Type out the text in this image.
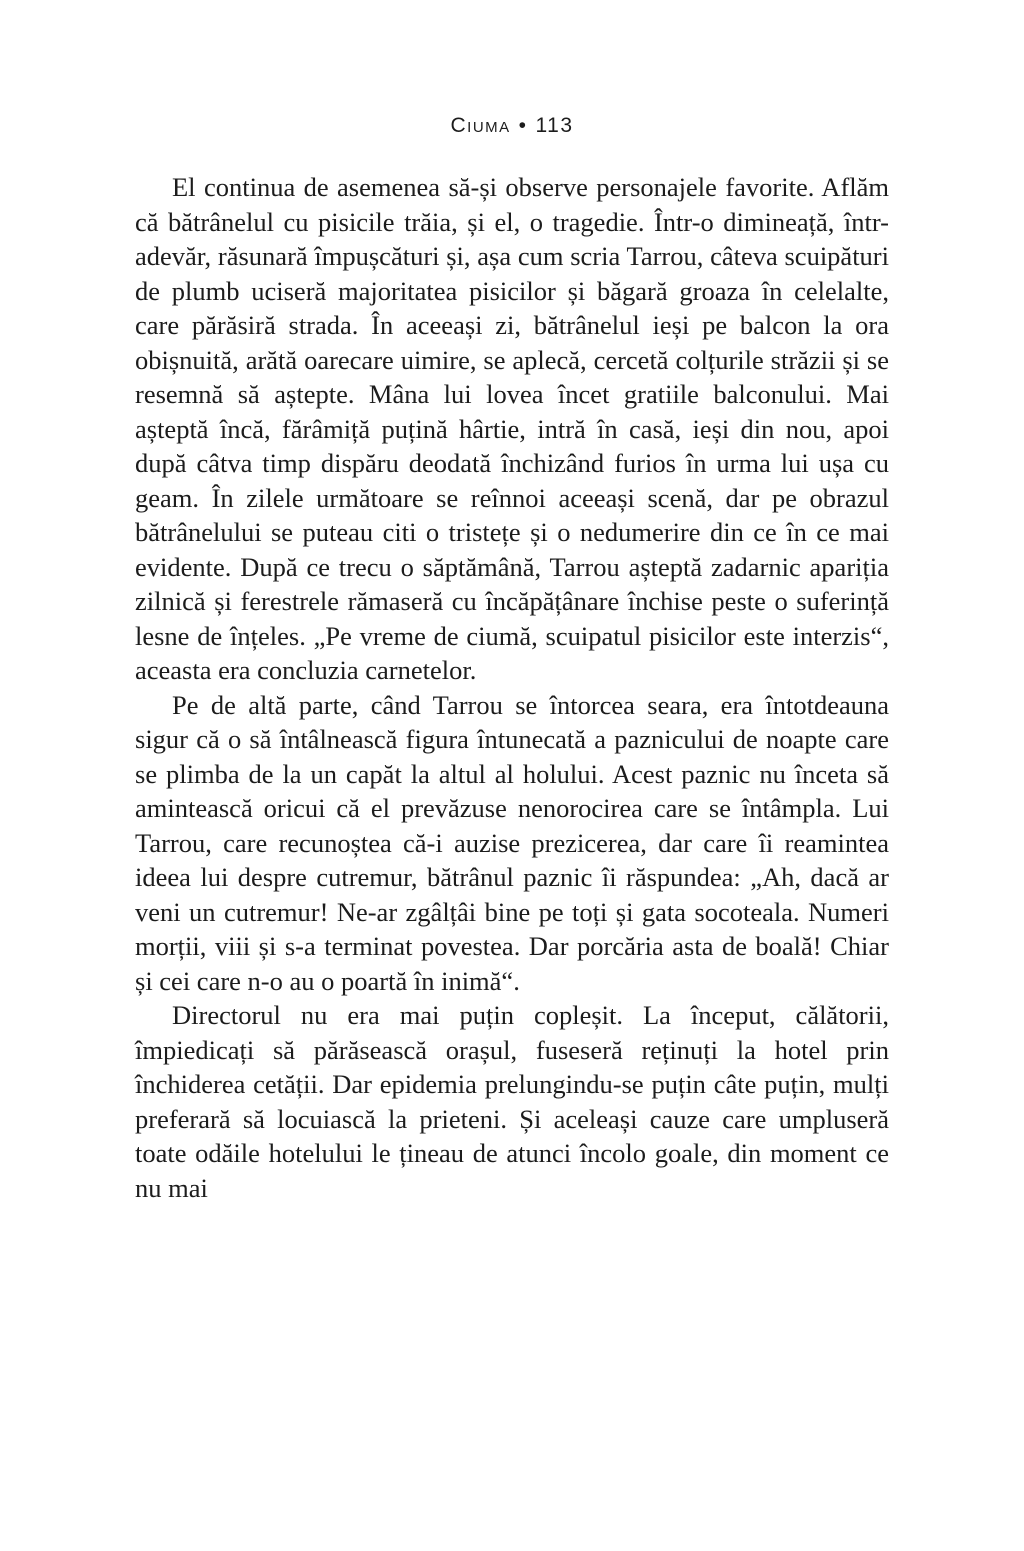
Ciuma • 113

El continua de asemenea să-și observe personajele favorite. Aflăm că bătrânelul cu pisicile trăia, și el, o tragedie. Într-o dimineață, într-adevăr, răsunară împușcături și, așa cum scria Tarrou, câteva scuipături de plumb uciseră majoritatea pisicilor și băgară groaza în celelalte, care părăsiră strada. În aceeași zi, bătrânelul ieși pe balcon la ora obișnuită, arătă oarecare uimire, se aplecă, cercetă colțurile străzii și se resemnă să aștepte. Mâna lui lovea încet gratiile balconului. Mai așteptă încă, fărâmiță puțină hârtie, intră în casă, ieși din nou, apoi după câtva timp dispăru deodată închizând furios în urma lui ușa cu geam. În zilele următoare se reînnoi aceeași scenă, dar pe obrazul bătrânelului se puteau citi o tristețe și o nedumerire din ce în ce mai evidente. După ce trecu o săptămână, Tarrou așteptă zadarnic apariția zilnică și ferestrele rămaseră cu încăpățânare închise peste o suferință lesne de înțeles. „Pe vreme de ciumă, scuipatul pisicilor este interzis“, aceasta era concluzia carnetelor.

Pe de altă parte, când Tarrou se întorcea seara, era întotdeauna sigur că o să întâlnească figura întunecată a paznicului de noapte care se plimba de la un capăt la altul al holului. Acest paznic nu înceta să amintească oricui că el prevăzuse nenorocirea care se întâmpla. Lui Tarrou, care recunoștea că-i auzise prezicerea, dar care îi reamintea ideea lui despre cutremur, bătrânul paznic îi răspundea: „Ah, dacă ar veni un cutremur! Ne-ar zgâlțâi bine pe toți și gata socoteala. Numeri morții, viii și s-a terminat povestea. Dar porcăria asta de boală! Chiar și cei care n-o au o poartă în inimă“.

Directorul nu era mai puțin copleșit. La început, călătorii, împiedicați să părăsească orașul, fuseseră reținuți la hotel prin închiderea cetății. Dar epidemia prelungindu-se puțin câte puțin, mulți preferară să locuiască la prieteni. Și aceleași cauze care umpluseră toate odăile hotelului le țineau de atunci încolo goale, din moment ce nu mai
